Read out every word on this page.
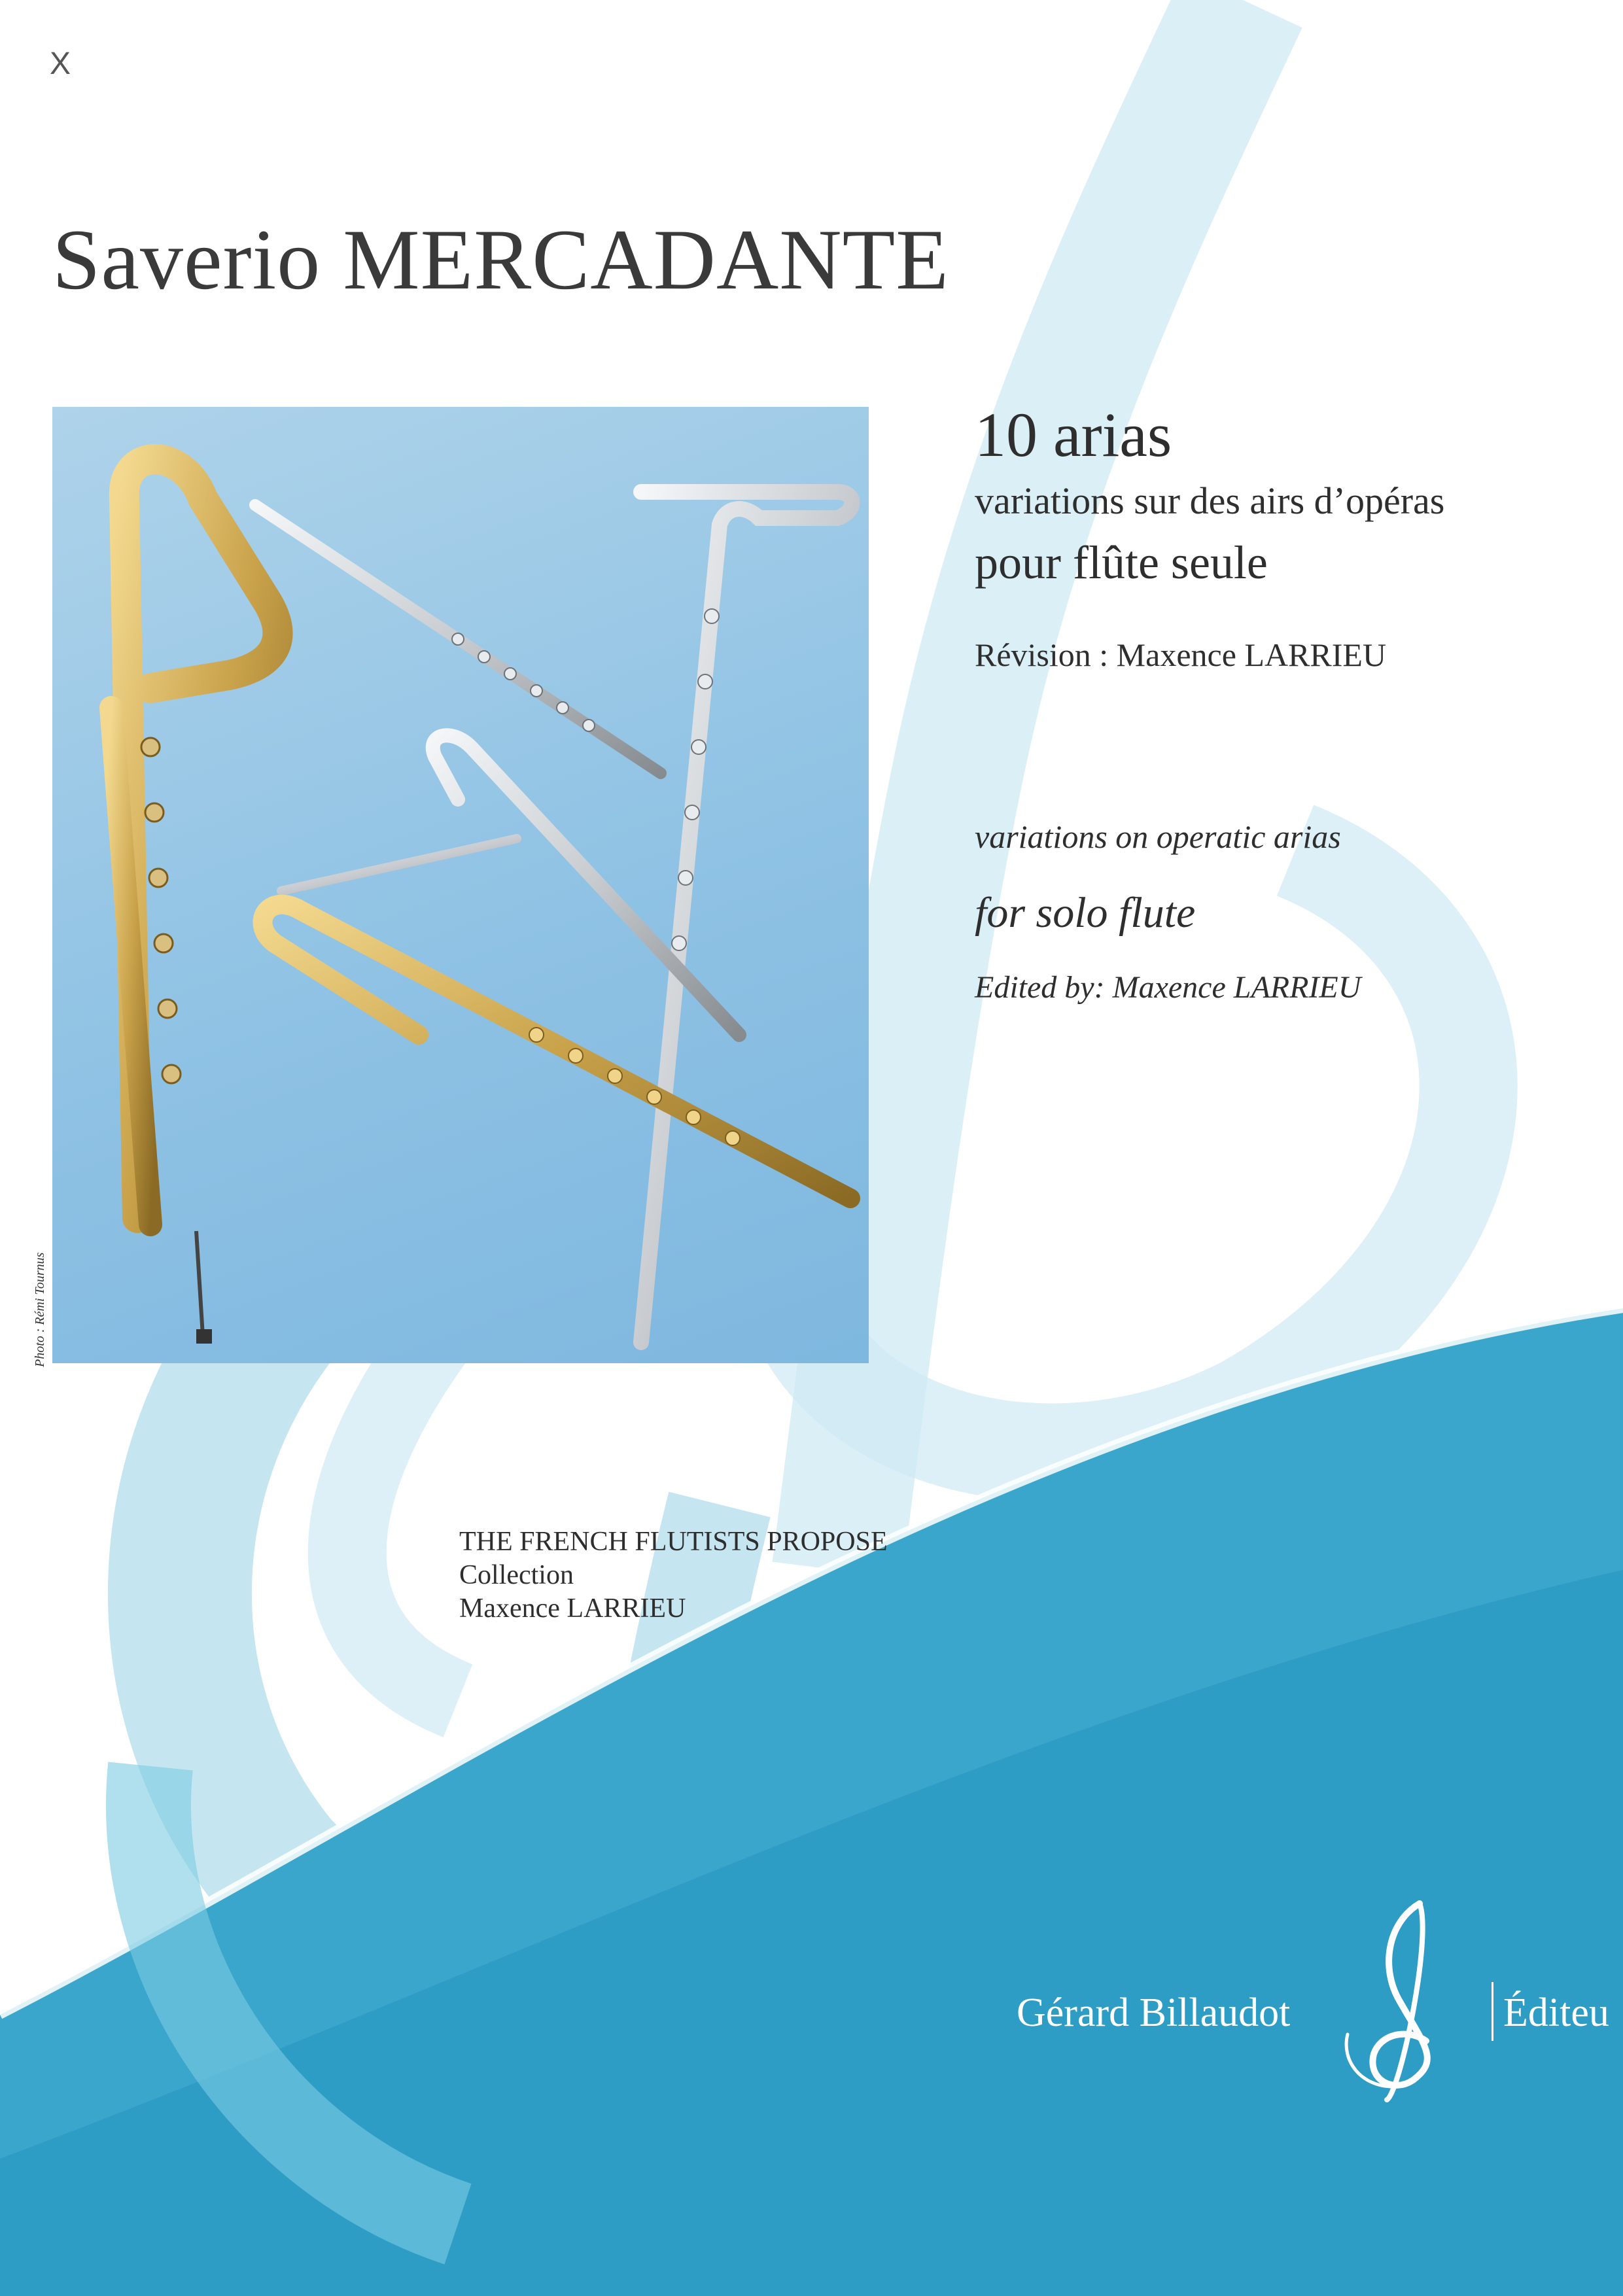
X
Saverio MERCADANTE
Photo : Rémi Tournus
10 arias
variations sur des airs d’opéras
pour flûte seule
Révision : Maxence LARRIEU
variations on operatic arias
for solo flute
Edited by: Maxence LARRIEU
THE FRENCH FLUTISTS PROPOSE
Collection
Maxence LARRIEU
Gérard Billaudot	Éditeu
